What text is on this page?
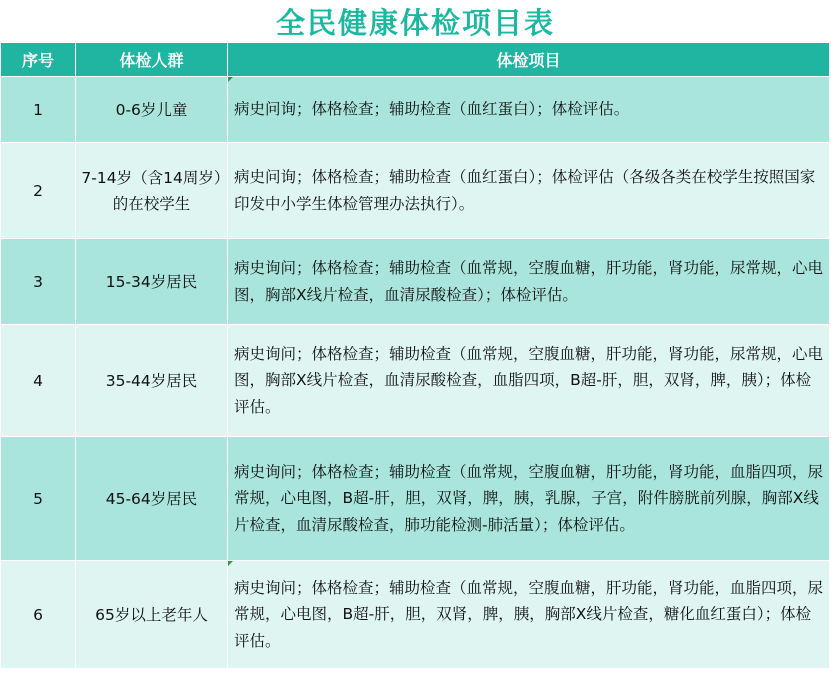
全民健康体检项目表
序号	体检人群	体检项目
1	0-6岁儿童	病史问询；体格检查；辅助检查（血红蛋白）；体检评估。
2	7-14岁（含14周岁）的在校学生	病史问询；体格检查；辅助检查（血红蛋白）；体检评估（各级各类在校学生按照国家印发中小学生体检管理办法执行）。
3	15-34岁居民	病史询问；体格检查；辅助检查（血常规，空腹血糖，肝功能，肾功能，尿常规，心电图，胸部X线片检查，血清尿酸检查）；体检评估。
4	35-44岁居民	病史询问；体格检查；辅助检查（血常规，空腹血糖，肝功能，肾功能，尿常规，心电图，胸部X线片检查，血清尿酸检查，血脂四项，B超-肝，胆，双肾，脾，胰）；体检评估。
5	45-64岁居民	病史询问；体格检查；辅助检查（血常规，空腹血糖，肝功能，肾功能，血脂四项，尿常规，心电图，B超-肝，胆，双肾，脾，胰，乳腺，子宫，附件膀胱前列腺，胸部X线片检查，血清尿酸检查，肺功能检测-肺活量）；体检评估。
6	65岁以上老年人	病史询问；体格检查；辅助检查（血常规，空腹血糖，肝功能，肾功能，血脂四项，尿常规，心电图，B超-肝，胆，双肾，脾，胰，胸部X线片检查，糖化血红蛋白）；体检评估。
